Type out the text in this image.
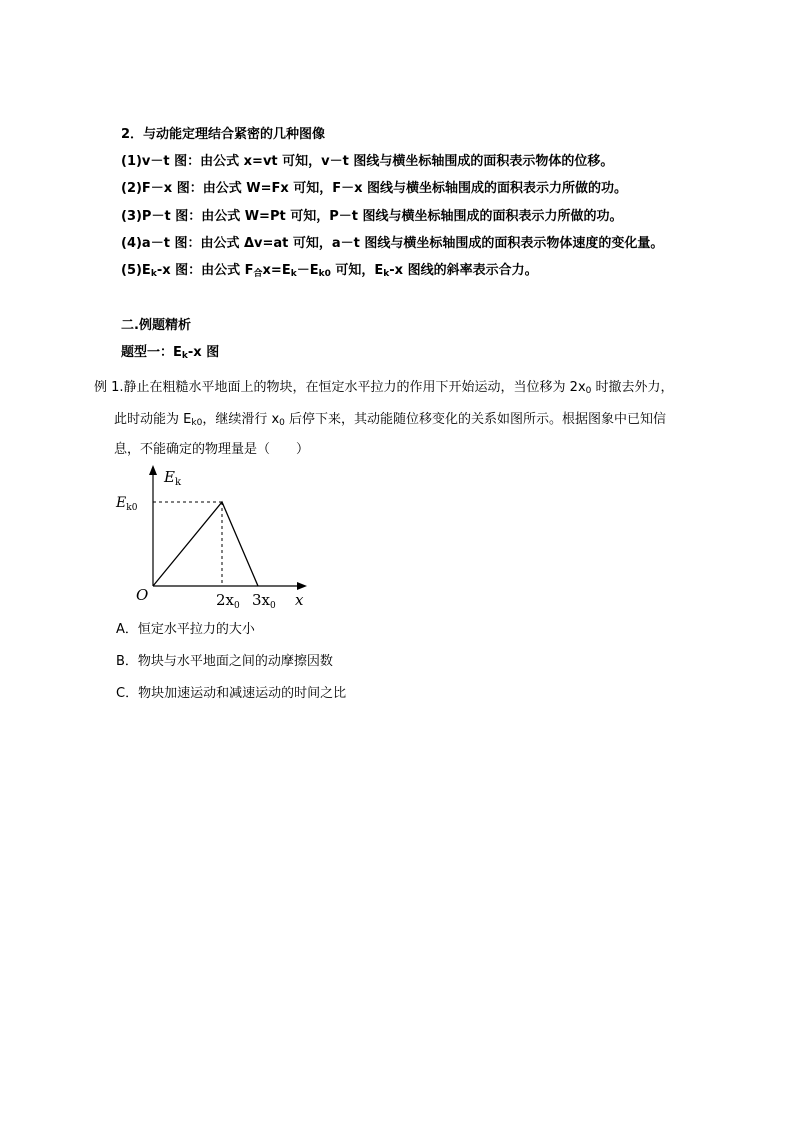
2．与动能定理结合紧密的几种图像
(1)v－t 图：由公式 x=vt 可知，v－t 图线与横坐标轴围成的面积表示物体的位移。
(2)F－x 图：由公式 W=Fx 可知，F－x 图线与横坐标轴围成的面积表示力所做的功。
(3)P－t 图：由公式 W=Pt 可知，P－t 图线与横坐标轴围成的面积表示力所做的功。
(4)a－t 图：由公式 Δv=at 可知，a－t 图线与横坐标轴围成的面积表示物体速度的变化量。
$(5)E_k-x$ 图：由公式 $F_合x=E_k-E_{k0}$ 可知，$E_k-x$ 图线的斜率表示合力。
二.例题精析
题型一：$E_k-x$ 图
例 1.静止在粗糙水平地面上的物块，在恒定水平拉力的作用下开始运动，当位移为 $2x_0$ 时撤去外力，
此时动能为 $E_{k0}$，继续滑行 $x_0$ 后停下来，其动能随位移变化的关系如图所示。根据图象中已知信
息，不能确定的物理量是（　　）
$E_k$
$E_{k0}$
O	$2x_0$ $3x_0$ x
A．恒定水平拉力的大小
B．物块与水平地面之间的动摩擦因数
C．物块加速运动和减速运动的时间之比
